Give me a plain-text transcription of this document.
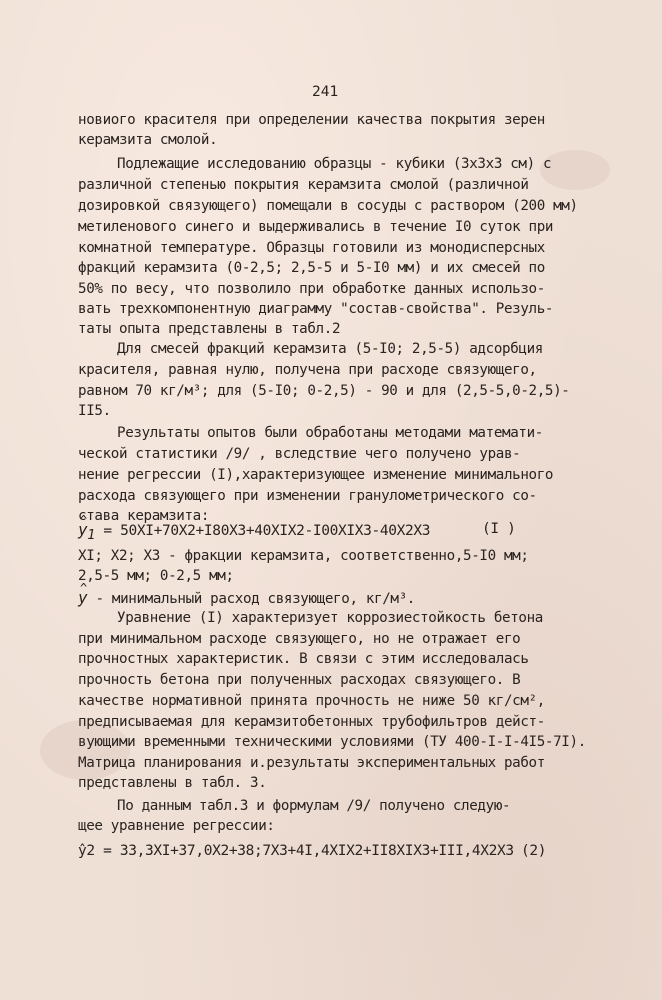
241

новиого красителя при определении качества покрытия зерен

керамзита смолой.

Подлежащие исследованию образцы - кубики (3х3х3 см) с

различной степенью покрытия керамзита смолой (различной

дозировкой связующего) помещали в сосуды с раствором (200 мм)

метиленового синего и выдерживались в течение I0 суток при

комнатной температуре. Образцы готовили из монодисперсных

фракций керамзита (0-2,5; 2,5-5 и 5-I0 мм) и их смесей по

50% по весу, что позволило при обработке данных использо-

вать трехкомпонентную диаграмму "состав-свойства". Резуль-

таты опыта представлены в табл.2

Для смесей фракций керамзита (5-I0; 2,5-5) адсорбция

красителя, равная нулю, получена при расходе связующего,

равном 70 кг/м³; для (5-I0; 0-2,5) - 90 и для (2,5-5,0-2,5)-

II5.

Результаты опытов были обработаны методами математи-

ческой статистики /9/ , вследствие чего получено урав-

нение регрессии (I),характеризующее изменение минимального

расхода связующего при изменении гранулометрического со-

става керамзита:

^ $y_1 = 50XI+70X2+I80X3+40XIX2-I00XIX3-40X2X3$	(I )

XI; X2; X3 - фракции керамзита, соответственно,5-I0 мм;

2,5-5 мм; 0-2,5 мм;

^ y - минимальный расход связующего, кг/м³.

Уравнение (I) характеризует коррозиестойкость бетона

при минимальном расходе связующего, но не отражает его

прочностных характеристик. В связи с этим исследовалась

прочность бетона при полученных расходах связующего. В

качестве нормативной принята прочность не ниже 50 кг/см²,

предписываемая для керамзитобетонных трубофильтров дейст-

вующими временными техническими условиями (ТУ 400-I-I-4I5-7I).

Матрица планирования и.результаты экспериментальных работ

представлены в табл. 3.

По данным табл.3 и формулам /9/ получено следую-

щее уравнение регрессии:

ŷ2 = 33,3XI+37,0X2+38;7X3+4I,4XIX2+II8XIX3+III,4X2X3 (2)
